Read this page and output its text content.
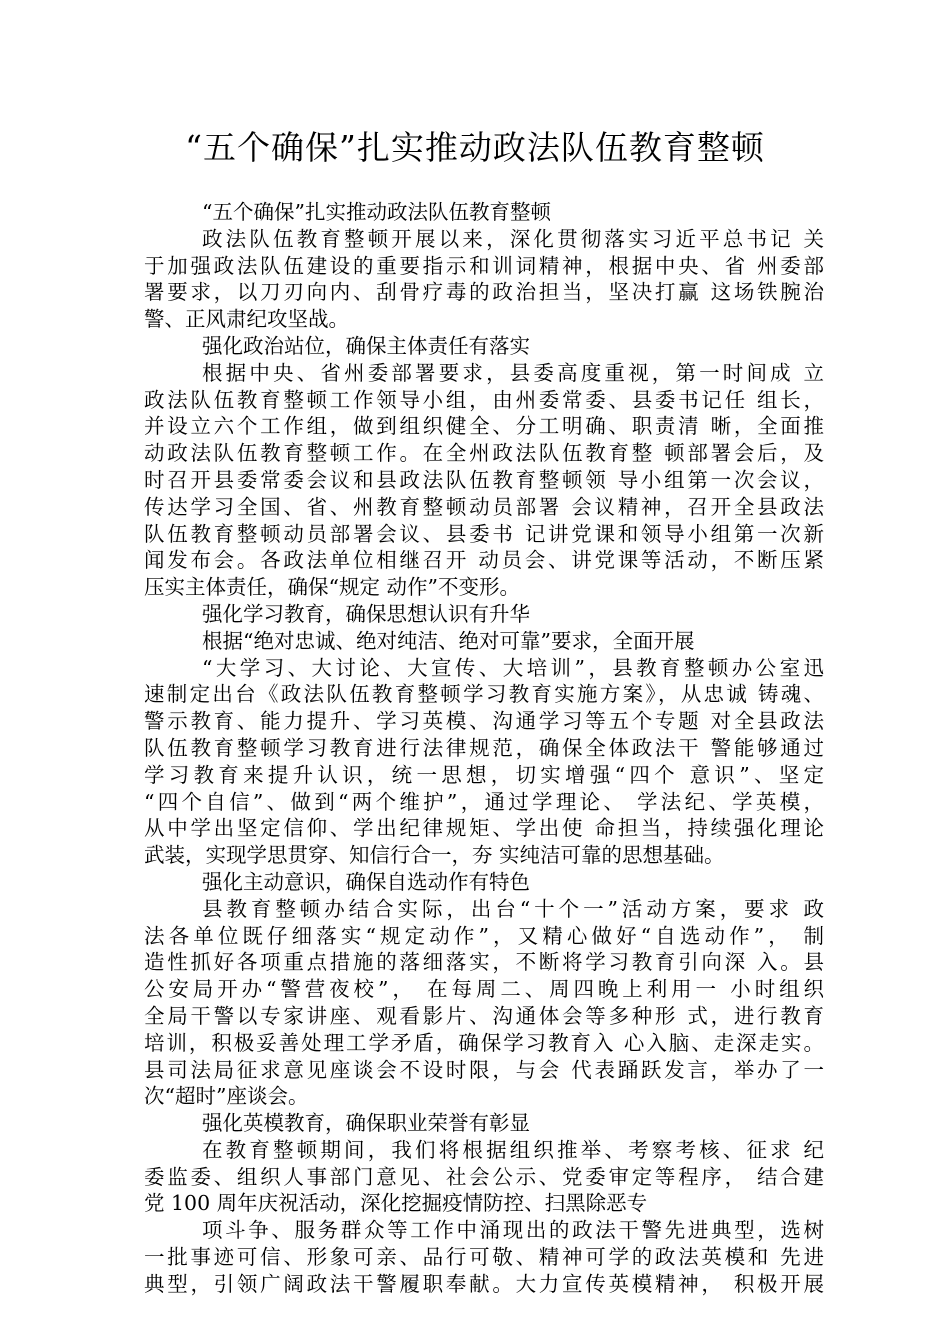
“五个确保”扎实推动政法队伍教育整顿
“五个确保”扎实推动政法队伍教育整顿
政法队伍教育整顿开展以来，深化贯彻落实习近平总书记 关
于加强政法队伍建设的重要指示和训词精神，根据中央、省 州委部
署要求，以刀刃向内、刮骨疗毒的政治担当，坚决打赢 这场铁腕治
警、正风肃纪攻坚战。
强化政治站位，确保主体责任有落实
根据中央、省州委部署要求，县委高度重视，第一时间成 立
政法队伍教育整顿工作领导小组，由州委常委、县委书记任 组长，
并设立六个工作组，做到组织健全、分工明确、职责清 晰，全面推
动政法队伍教育整顿工作。在全州政法队伍教育整 顿部署会后，及
时召开县委常委会议和县政法队伍教育整顿领 导小组第一次会议，
传达学习全国、省、州教育整顿动员部署 会议精神，召开全县政法
队伍教育整顿动员部署会议、县委书 记讲党课和领导小组第一次新
闻发布会。各政法单位相继召开 动员会、讲党课等活动，不断压紧
压实主体责任，确保“规定 动作”不变形。
强化学习教育，确保思想认识有升华
根据“绝对忠诚、绝对纯洁、绝对可靠”要求，全面开展
“大学习、大讨论、大宣传、大培训”，县教育整顿办公室迅
速制定出台《政法队伍教育整顿学习教育实施方案》，从忠诚 铸魂、
警示教育、能力提升、学习英模、沟通学习等五个专题 对全县政法
队伍教育整顿学习教育进行法律规范，确保全体政法干 警能够通过
学习教育来提升认识，统一思想，切实增强“四个 意识”、坚定
“四个自信”、做到“两个维护”，通过学理论、 学法纪、学英模，
从中学出坚定信仰、学出纪律规矩、学出使 命担当，持续强化理论
武装，实现学思贯穿、知信行合一，夯 实纯洁可靠的思想基础。
强化主动意识，确保自选动作有特色
县教育整顿办结合实际，出台“十个一”活动方案，要求 政
法各单位既仔细落实“规定动作”，又精心做好“自选动作”， 制
造性抓好各项重点措施的落细落实，不断将学习教育引向深 入。县
公安局开办“警营夜校”， 在每周二、周四晚上利用一 小时组织
全局干警以专家讲座、观看影片、沟通体会等多种形 式，进行教育
培训，积极妥善处理工学矛盾，确保学习教育入 心入脑、走深走实。
县司法局征求意见座谈会不设时限，与会 代表踊跃发言，举办了一
次“超时”座谈会。
强化英模教育，确保职业荣誉有彰显
在教育整顿期间，我们将根据组织推举、考察考核、征求 纪
委监委、组织人事部门意见、社会公示、党委审定等程序， 结合建
党 100 周年庆祝活动，深化挖掘疫情防控、扫黑除恶专
项斗争、服务群众等工作中涌现出的政法干警先进典型，选树
一批事迹可信、形象可亲、品行可敬、精神可学的政法英模和 先进
典型，引领广阔政法干警履职奉献。大力宣传英模精神， 积极开展
